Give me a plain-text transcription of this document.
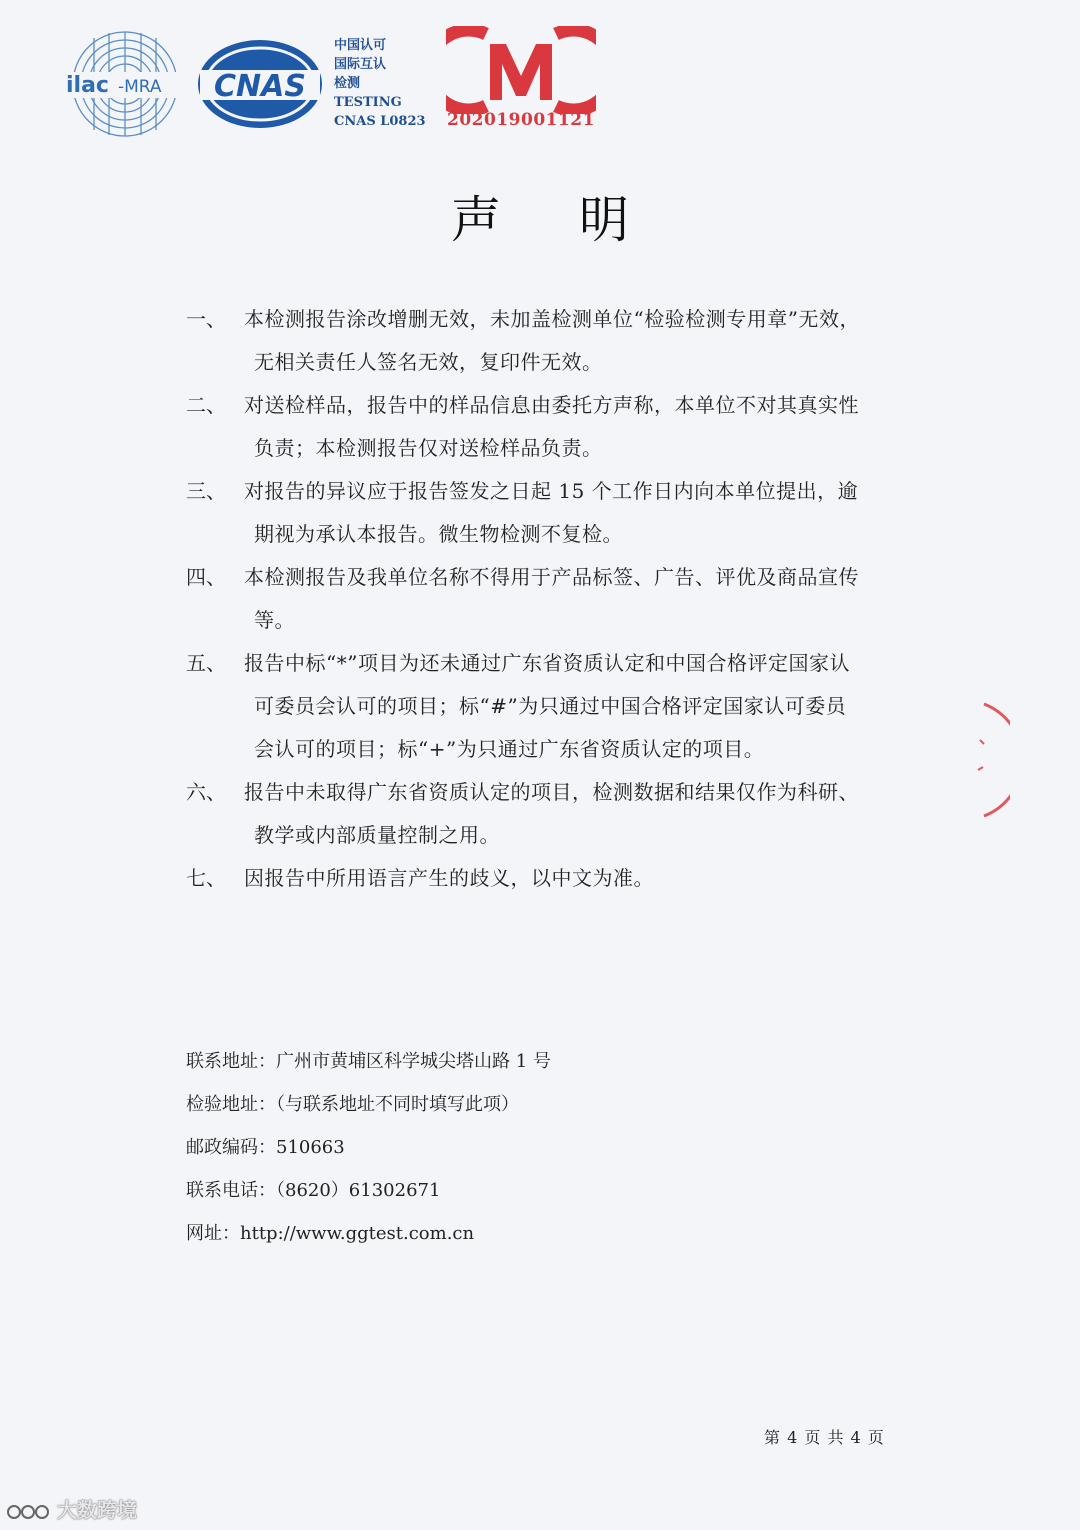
ilac -MRA CNAS
中国认可
国际互认
检测
TESTING
CNAS L0823	202019001121
声明
一、 本检测报告涂改增删无效，未加盖检测单位“检验检测专用章”无效，
无相关责任人签名无效，复印件无效。
二、 对送检样品，报告中的样品信息由委托方声称，本单位不对其真实性
负责；本检测报告仅对送检样品负责。
三、 对报告的异议应于报告签发之日起 15 个工作日内向本单位提出，逾
期视为承认本报告。微生物检测不复检。
四、 本检测报告及我单位名称不得用于产品标签、广告、评优及商品宣传
等。
五、 报告中标“*”项目为还未通过广东省资质认定和中国合格评定国家认
可委员会认可的项目；标“#”为只通过中国合格评定国家认可委员
会认可的项目；标“+”为只通过广东省资质认定的项目。
六、 报告中未取得广东省资质认定的项目，检测数据和结果仅作为科研、
教学或内部质量控制之用。
七、 因报告中所用语言产生的歧义，以中文为准。
联系地址：广州市黄埔区科学城尖塔山路 1 号
检验地址：（与联系地址不同时填写此项）
邮政编码：510663
联系电话：（8620）61302671
网址：http://www.ggtest.com.cn
第 4 页 共 4 页
大数跨境
